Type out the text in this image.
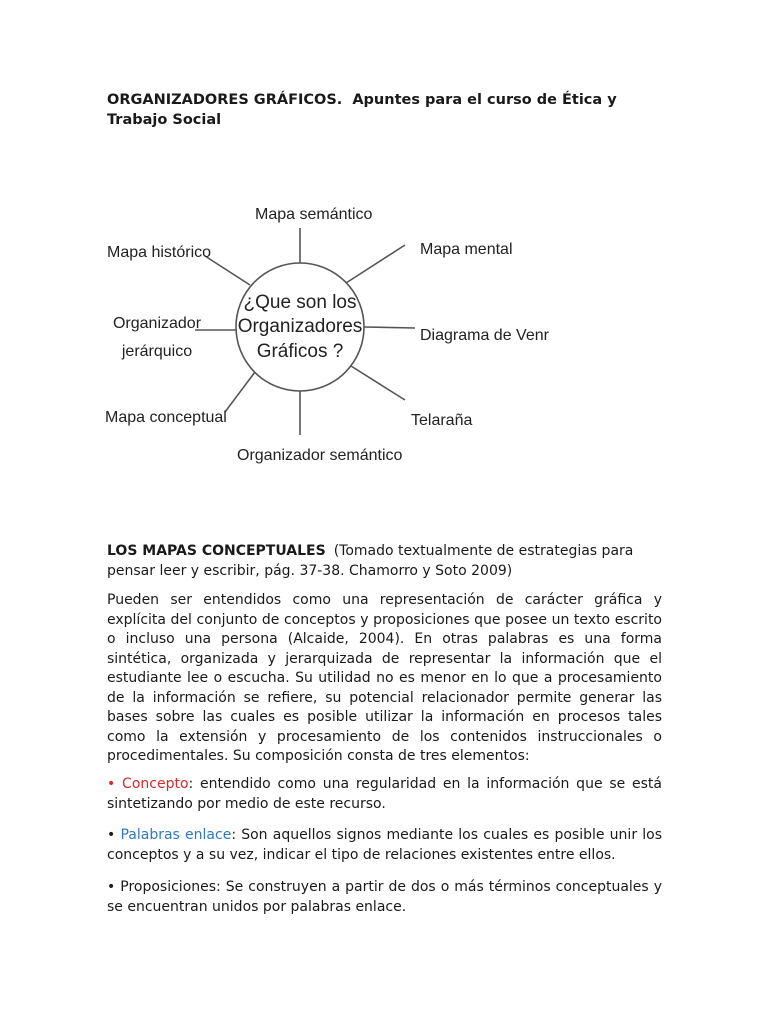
ORGANIZADORES GRÁFICOS. Apuntes para el curso de Ética y Trabajo Social
¿Que son los
Organizadores
Gráficos ?
Mapa semántico
Mapa mental
Diagrama de Venr
Telaraña
Organizador semántico
Mapa conceptual
Organizador
jerárquico
Mapa histórico
LOS MAPAS CONCEPTUALES (Tomado textualmente de estrategias para pensar leer y escribir, pág. 37-38. Chamorro y Soto 2009)

Pueden ser entendidos como una representación de carácter gráfica y explícita del conjunto de conceptos y proposiciones que posee un texto escrito o incluso una persona (Alcaide, 2004). En otras palabras es una forma sintética, organizada y jerarquizada de representar la información que el estudiante lee o escucha. Su utilidad no es menor en lo que a procesamiento de la información se refiere, su potencial relacionador permite generar las bases sobre las cuales es posible utilizar la información en procesos tales como la extensión y procesamiento de los contenidos instruccionales o procedimentales. Su composición consta de tres elementos:

• Concepto: entendido como una regularidad en la información que se está sintetizando por medio de este recurso.

• Palabras enlace: Son aquellos signos mediante los cuales es posible unir los conceptos y a su vez, indicar el tipo de relaciones existentes entre ellos.

• Proposiciones: Se construyen a partir de dos o más términos conceptuales y se encuentran unidos por palabras enlace.
